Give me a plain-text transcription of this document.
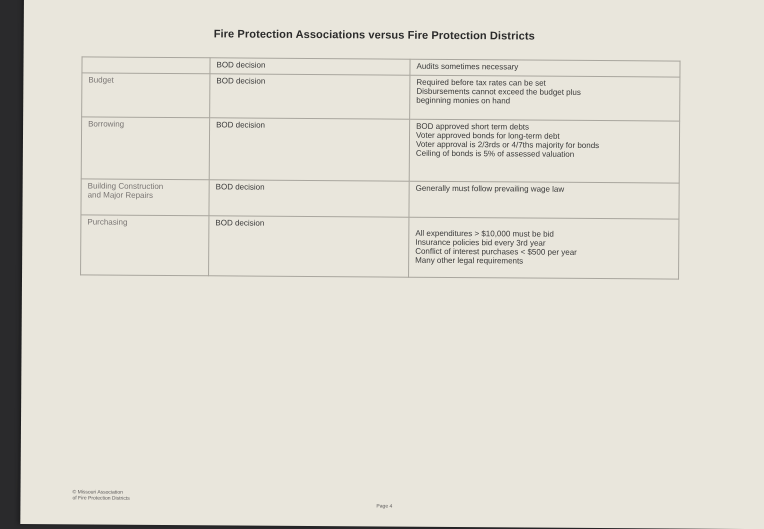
Fire Protection Associations versus Fire Protection Districts
	BOD decision	Audits sometimes necessary

Budget	BOD decision	Required before tax rates can be set
Disbursements cannot exceed the budget plus
beginning monies on hand

Borrowing	BOD decision	BOD approved short term debts
Voter approved bonds for long-term debt
Voter approval is 2/3rds or 4/7ths majority for bonds
Ceiling of bonds is 5% of assessed valuation

Building Construction
and Major Repairs	BOD decision	Generally must follow prevailing wage law

Purchasing	BOD decision	All expenditures > $10,000 must be bid
Insurance policies bid every 3rd year
Conflict of interest purchases < $500 per year
Many other legal requirements
© Missouri Association
of Fire Protection Districts
Page 4
